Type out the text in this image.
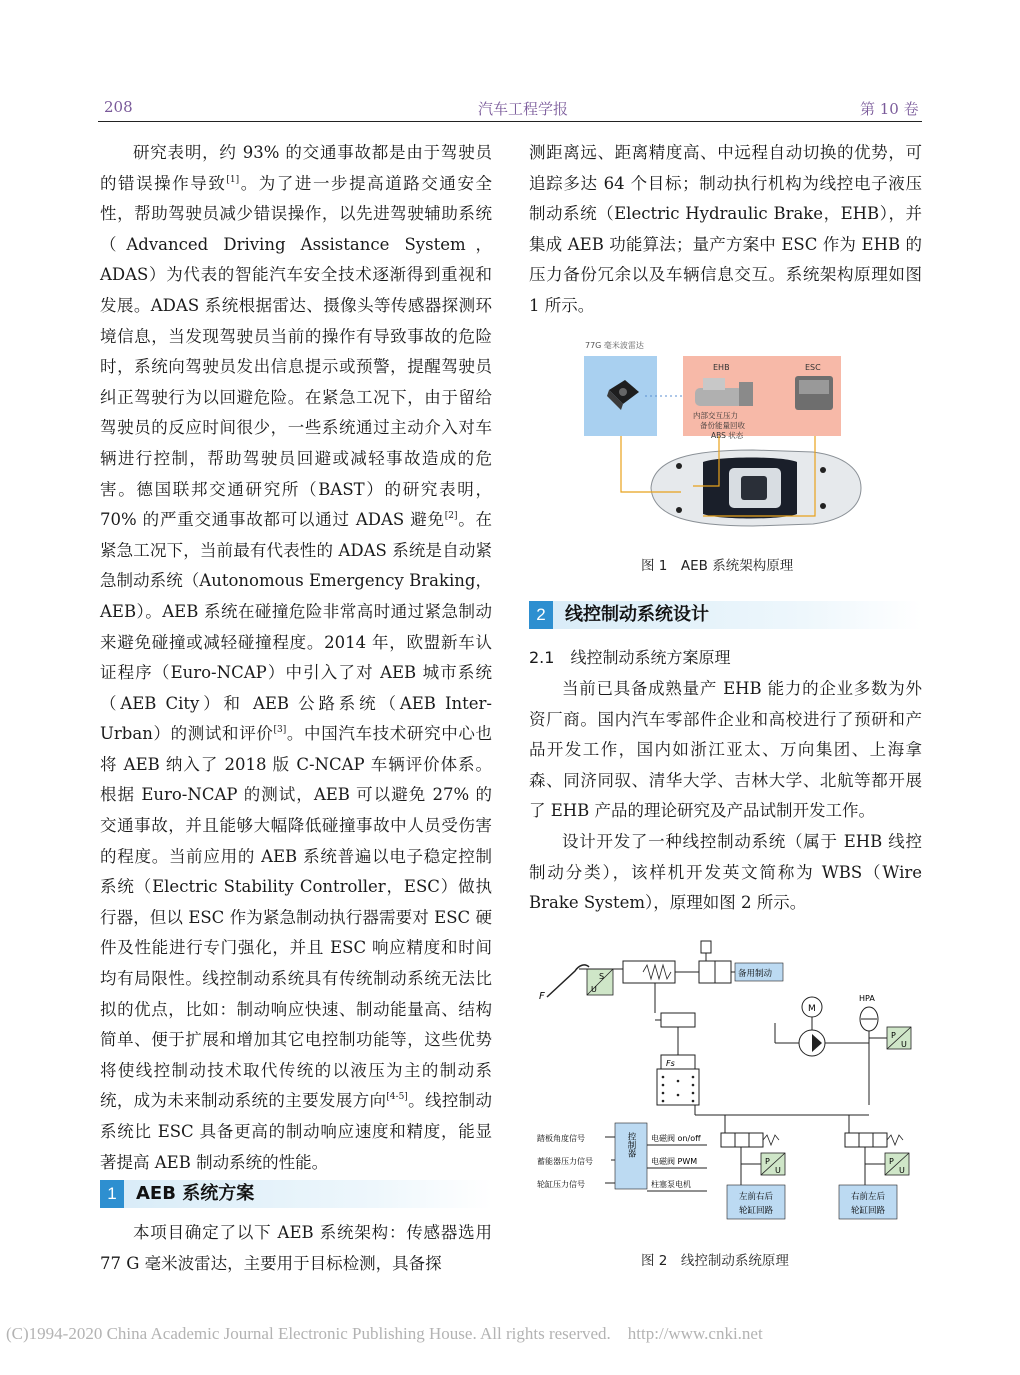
208	汽车工程学报	第 10 卷

研究表明，约 93% 的交通事故都是由于驾驶员的错误操作导致[1]。为了进一步提高道路交通安全性，帮助驾驶员减少错误操作，以先进驾驶辅助系统（Advanced Driving Assistance System，ADAS）为代表的智能汽车安全技术逐渐得到重视和发展。ADAS 系统根据雷达、摄像头等传感器探测环境信息，当发现驾驶员当前的操作有导致事故的危险时，系统向驾驶员发出信息提示或预警，提醒驾驶员纠正驾驶行为以回避危险。在紧急工况下，由于留给驾驶员的反应时间很少，一些系统通过主动介入对车辆进行控制，帮助驾驶员回避或减轻事故造成的危害。德国联邦交通研究所（BAST）的研究表明，70% 的严重交通事故都可以通过 ADAS 避免[2]。在紧急工况下，当前最有代表性的 ADAS 系统是自动紧急制动系统（Autonomous Emergency Braking，AEB）。AEB 系统在碰撞危险非常高时通过紧急制动来避免碰撞或减轻碰撞程度。2014 年，欧盟新车认证程序（Euro-NCAP）中引入了对 AEB 城市系统（AEB City）和 AEB 公路系统（AEB Inter-Urban）的测试和评价[3]。中国汽车技术研究中心也将 AEB 纳入了 2018 版 C-NCAP 车辆评价体系。根据 Euro-NCAP 的测试，AEB 可以避免 27% 的交通事故，并且能够大幅降低碰撞事故中人员受伤害的程度。当前应用的 AEB 系统普遍以电子稳定控制系统（Electric Stability Controller，ESC）做执行器，但以 ESC 作为紧急制动执行器需要对 ESC 硬件及性能进行专门强化，并且 ESC 响应精度和时间均有局限性。线控制动系统具有传统制动系统无法比拟的优点，比如：制动响应快速、制动能量高、结构简单、便于扩展和增加其它电控制功能等，这些优势将使线控制动技术取代传统的以液压为主的制动系统，成为未来制动系统的主要发展方向[4-5]。线控制动系统比 ESC 具备更高的制动响应速度和精度，能显著提高 AEB 制动系统的性能。

1	AEB 系统方案

本项目确定了以下 AEB 系统架构：传感器选用 77 G 毫米波雷达，主要用于目标检测，具备探

测距离远、距离精度高、中远程自动切换的优势，可追踪多达 64 个目标；制动执行机构为线控电子液压制动系统（Electric Hydraulic Brake，EHB），并集成 AEB 功能算法；量产方案中 ESC 作为 EHB 的压力备份冗余以及车辆信息交互。系统架构原理如图 1 所示。

77G 毫米波雷达
EHB	ESC
内部交互压力
备份能量回收
ABS 状态
图 1　AEB 系统架构原理
2	线控制动系统设计
2.1　线控制动系统方案原理

当前已具备成熟量产 EHB 能力的企业多数为外资厂商。国内汽车零部件企业和高校进行了预研和产品开发工作，国内如浙江亚太、万向集团、上海拿森、同济同驭、清华大学、吉林大学、北航等都开展了 EHB 产品的理论研究及产品试制开发工作。

设计开发了一种线控制动系统（属于 EHB 线控制动分类），该样机开发英文简称为 WBS（Wire Brake System），原理如图 2 所示。

F
S
U
备用制动
Fs
M
HPA
P
U
控制器
踏板角度信号
蓄能器压力信号
轮缸压力信号
电磁阀 on/off
电磁阀 PWM
柱塞泵电机
P
U
左前右后
轮缸回路
P
U
右前左后
轮缸回路
图 2　线控制动系统原理
(C)1994-2020 China Academic Journal Electronic Publishing House. All rights reserved.    http://www.cnki.net
